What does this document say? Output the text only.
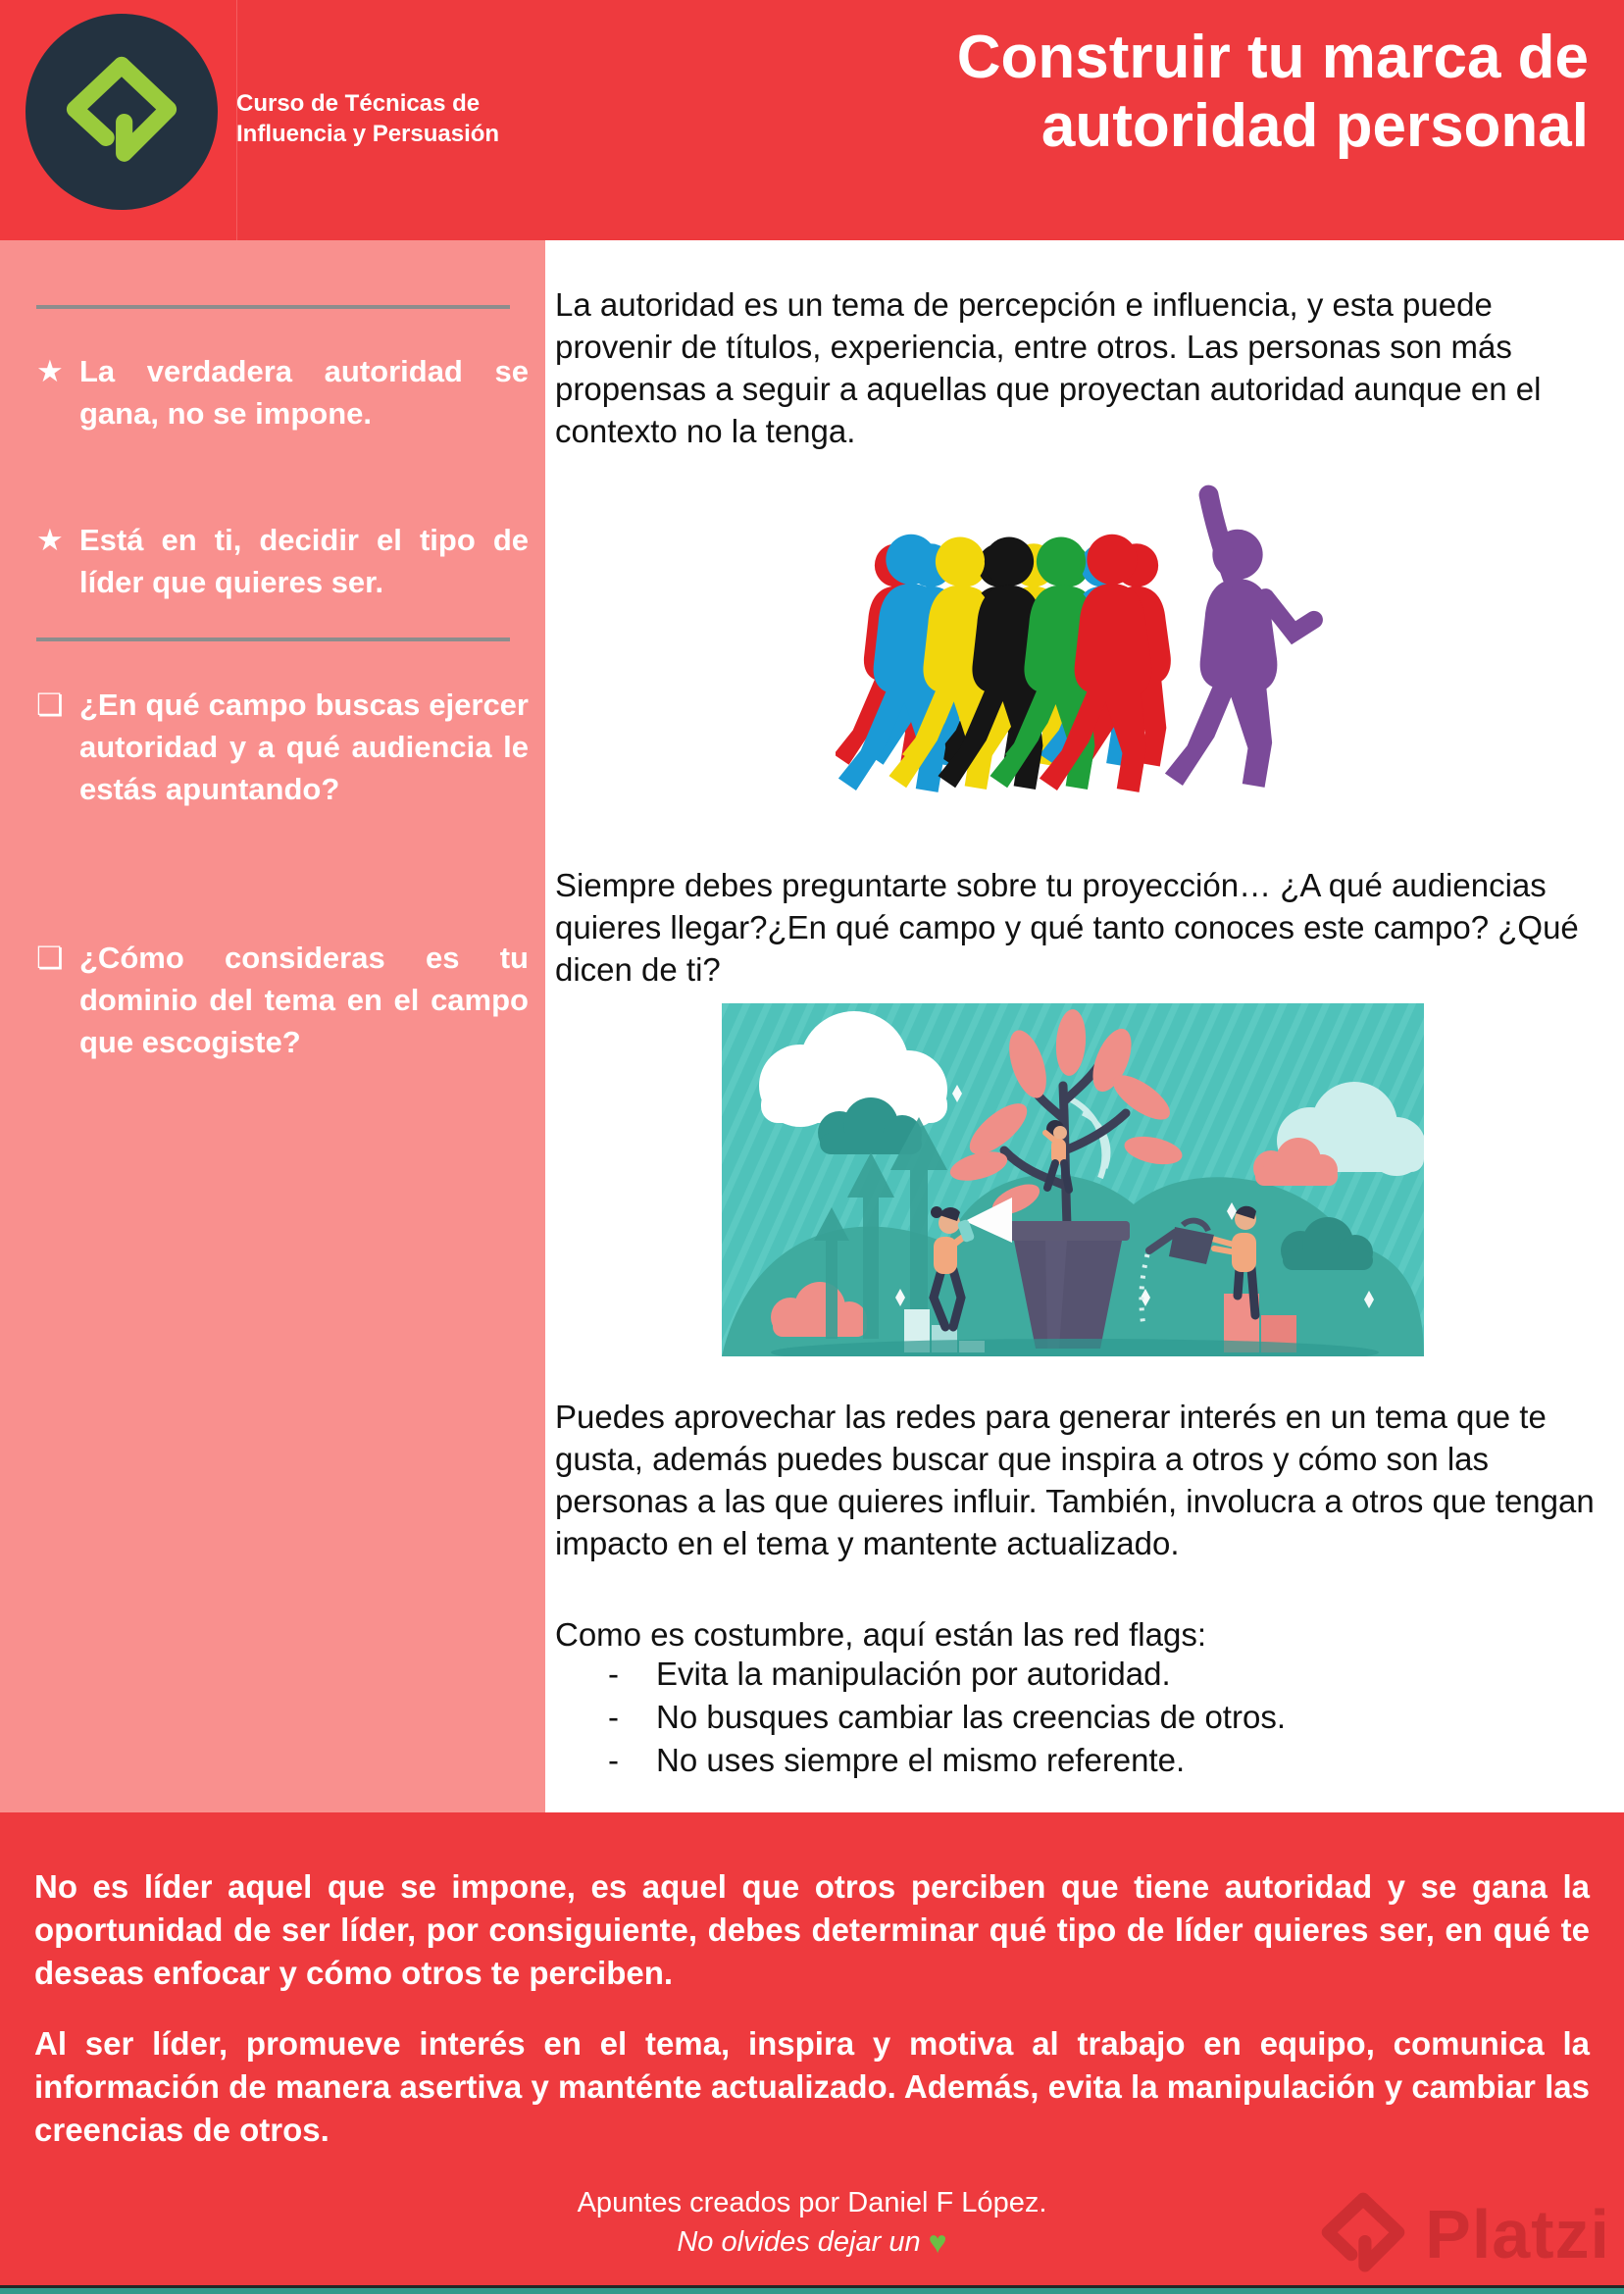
Curso de Técnicas de
Influencia y Persuasión
Construir tu marca de
autoridad personal
★ La verdadera autoridad se gana, no se impone.
★ Está en ti, decidir el tipo de líder que quieres ser.
❏ ¿En qué campo buscas ejercer autoridad y a qué audiencia le estás apuntando?
❏ ¿Cómo consideras es tu dominio del tema en el campo que escogiste?

La autoridad es un tema de percepción e influencia, y esta puede provenir de títulos, experiencia, entre otros. Las personas son más propensas a seguir a aquellas que proyectan autoridad aunque en el contexto no la tenga.

Siempre debes preguntarte sobre tu proyección… ¿A qué audiencias quieres llegar?¿En qué campo y qué tanto conoces este campo? ¿Qué dicen de ti?

Puedes aprovechar las redes para generar interés en un tema que te gusta, además puedes buscar que inspira a otros y cómo son las personas a las que quieres influir. También, involucra a otros que tengan impacto en el tema y mantente actualizado.

Como es costumbre, aquí están las red flags:

-	Evita la manipulación por autoridad.
-	No busques cambiar las creencias de otros.
-	No uses siempre el mismo referente.

No es líder aquel que se impone, es aquel que otros perciben que tiene autoridad y se gana la oportunidad de ser líder, por consiguiente, debes determinar qué tipo de líder quieres ser, en qué te deseas enfocar y cómo otros te perciben.

Al ser líder, promueve interés en el tema, inspira y motiva al trabajo en equipo, comunica la información de manera asertiva y manténte actualizado. Además, evita la manipulación y cambiar las creencias de otros.

Apuntes creados por Daniel F López.
No olvides dejar un ♥	Platzi
